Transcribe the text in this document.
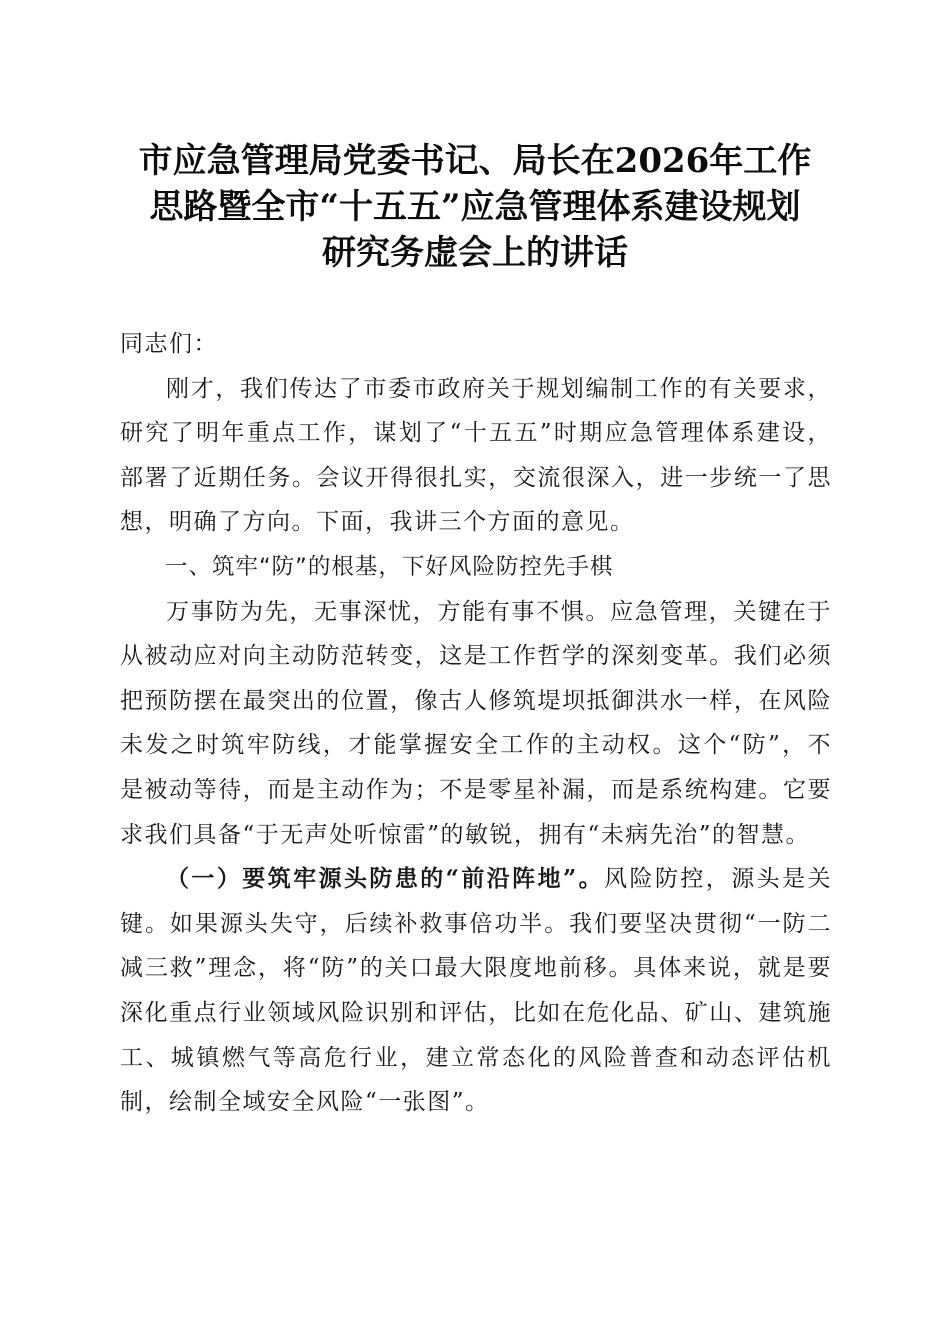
市应急管理局党委书记、局长在2026年工作
思路暨全市“十五五”应急管理体系建设规划
研究务虚会上的讲话

同志们：

刚才，我们传达了市委市政府关于规划编制工作的有关要求，研究了明年重点工作，谋划了“十五五”时期应急管理体系建设，部署了近期任务。会议开得很扎实，交流很深入，进一步统一了思想，明确了方向。下面，我讲三个方面的意见。

一、筑牢“防”的根基，下好风险防控先手棋

万事防为先，无事深忧，方能有事不惧。应急管理，关键在于从被动应对向主动防范转变，这是工作哲学的深刻变革。我们必须把预防摆在最突出的位置，像古人修筑堤坝抵御洪水一样，在风险未发之时筑牢防线，才能掌握安全工作的主动权。这个“防”，不是被动等待，而是主动作为；不是零星补漏，而是系统构建。它要求我们具备“于无声处听惊雷”的敏锐，拥有“未病先治”的智慧。

（一）要筑牢源头防患的“前沿阵地”。风险防控，源头是关键。如果源头失守，后续补救事倍功半。我们要坚决贯彻“一防二减三救”理念，将“防”的关口最大限度地前移。具体来说，就是要深化重点行业领域风险识别和评估，比如在危化品、矿山、建筑施工、城镇燃气等高危行业，建立常态化的风险普查和动态评估机制，绘制全域安全风险“一张图”。
